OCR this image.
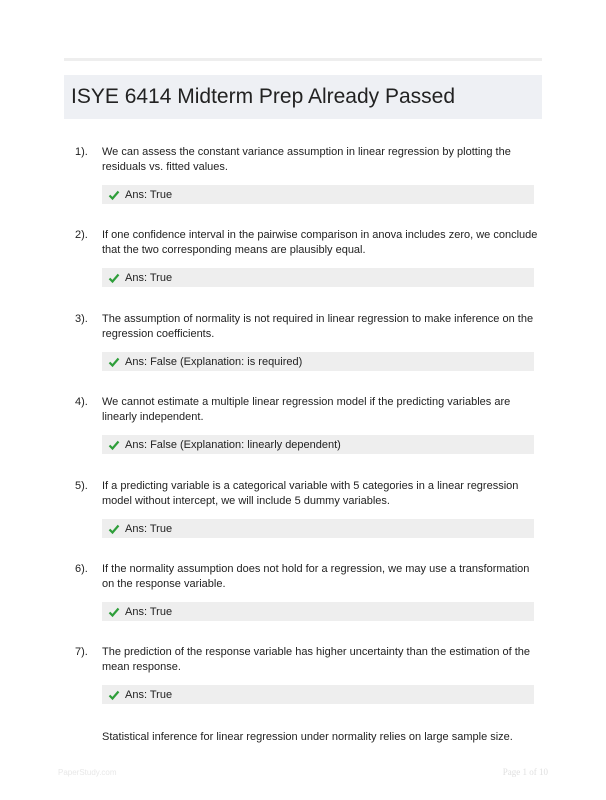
ISYE 6414 Midterm Prep Already Passed
1). We can assess the constant variance assumption in linear regression by plotting the residuals vs. fitted values.
Ans: True
2). If one confidence interval in the pairwise comparison in anova includes zero, we conclude that the two corresponding means are plausibly equal.
Ans: True
3). The assumption of normality is not required in linear regression to make inference on the regression coefficients.
Ans: False (Explanation: is required)
4). We cannot estimate a multiple linear regression model if the predicting variables are linearly independent.
Ans: False (Explanation: linearly dependent)
5). If a predicting variable is a categorical variable with 5 categories in a linear regression model without intercept, we will include 5 dummy variables.
Ans: True
6). If the normality assumption does not hold for a regression, we may use a transformation on the response variable.
Ans: True
7). The prediction of the response variable has higher uncertainty than the estimation of the mean response.
Ans: True
Statistical inference for linear regression under normality relies on large sample size.
PaperStudy.com	Page 1 of 10
